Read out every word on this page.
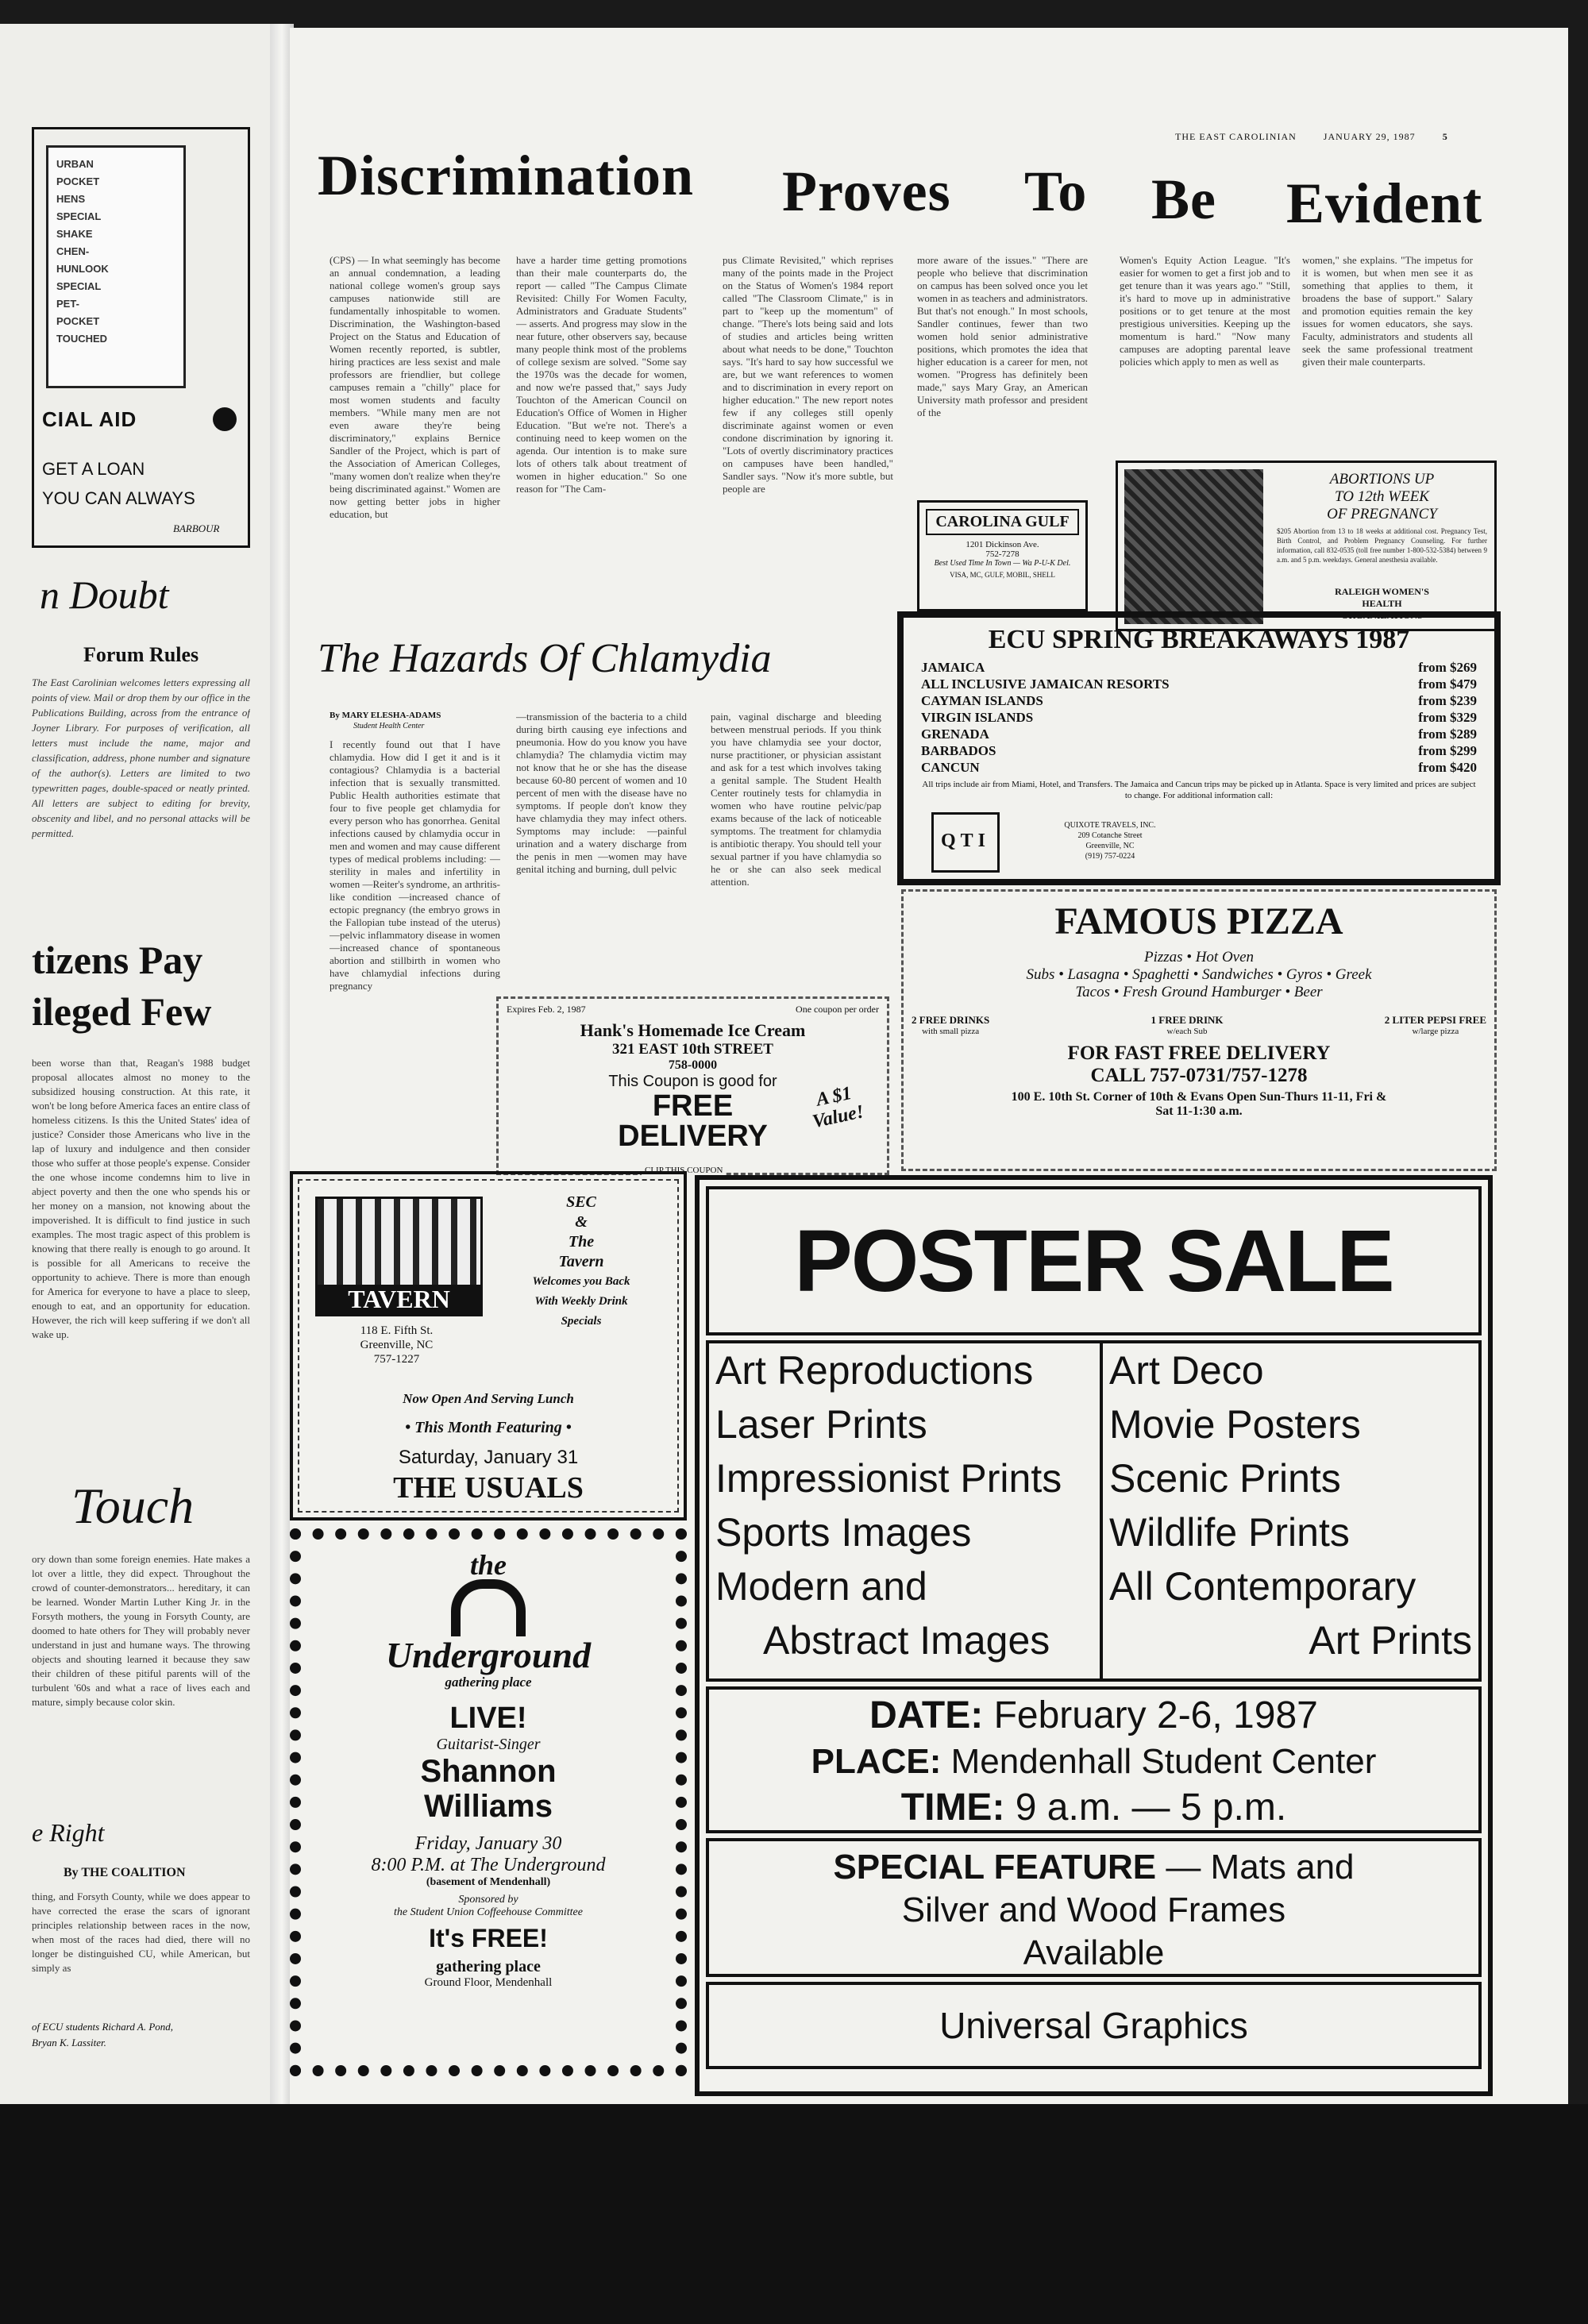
URBAN
POCKET
HENS
SPECIAL
SHAKE
CHEN-
HUNLOOK
SPECIAL
PET-
POCKET
TOUCHED
CIAL AID
GET A LOAN
YOU CAN ALWAYS
BARBOUR
n Doubt
Forum Rules
The East Carolinian welcomes letters expressing all points of view. Mail or drop them by our office in the Publications Building, across from the entrance of Joyner Library. For purposes of verification, all letters must include the name, major and classification, address, phone number and signature of the author(s). Letters are limited to two typewritten pages, double-spaced or neatly printed. All letters are subject to editing for brevity, obscenity and libel, and no personal attacks will be permitted.
tizens Pay
ileged Few
been worse than that, Reagan's 1988 budget proposal allocates almost no money to the subsidized housing construction. At this rate, it won't be long before America faces an entire class of homeless citizens. Is this the United States' idea of justice? Consider those Americans who live in the lap of luxury and indulgence and then consider those who suffer at those people's expense. Consider the one whose income condemns him to live in abject poverty and then the one who spends his or her money on a mansion, not knowing about the impoverished. It is difficult to find justice in such examples. The most tragic aspect of this problem is knowing that there really is enough to go around. It is possible for all Americans to receive the opportunity to achieve. There is more than enough for America for everyone to have a place to sleep, enough to eat, and an opportunity for education. However, the rich will keep suffering if we don't all wake up.
Touch
ory down than some foreign enemies. Hate makes a lot over a little, they did expect. Throughout the crowd of counter-demonstrators... hereditary, it can be learned. Wonder Martin Luther King Jr. in the Forsyth mothers, the young in Forsyth County, are doomed to hate others for They will probably never understand in just and humane ways. The throwing objects and shouting learned it because they saw their children of these pitiful parents will of the turbulent '60s and what a race of lives each and mature, simply because color skin.
e Right
By THE COALITION
thing, and Forsyth County, while we does appear to have corrected the erase the scars of ignorant principles relationship between races in the now, when most of the races had died, there will no longer be distinguished CU, while American, but simply as
of ECU students Richard A. Pond,
Bryan K. Lassiter.
THE EAST CAROLINIAN	JANUARY 29, 1987	5
Discrimination Proves To Be Evident
(CPS) — In what seemingly has become an annual condemnation, a leading national college women's group says campuses nationwide still are fundamentally inhospitable to women. Discrimination, the Washington-based Project on the Status and Education of Women recently reported, is subtler, hiring practices are less sexist and male professors are friendlier, but college campuses remain a "chilly" place for most women students and faculty members. "While many men are not even aware they're being discriminatory," explains Bernice Sandler of the Project, which is part of the Association of American Colleges, "many women don't realize when they're being discriminated against." Women are now getting better jobs in higher education, but
have a harder time getting promotions than their male counterparts do, the report — called "The Campus Climate Revisited: Chilly For Women Faculty, Administrators and Graduate Students" — asserts. And progress may slow in the near future, other observers say, because many people think most of the problems of college sexism are solved. "Some say the 1970s was the decade for women, and now we're passed that," says Judy Touchton of the American Council on Education's Office of Women in Higher Education. "But we're not. There's a continuing need to keep women on the agenda. Our intention is to make sure lots of others talk about treatment of women in higher education." So one reason for "The Cam-
pus Climate Revisited," which reprises many of the points made in the Project on the Status of Women's 1984 report called "The Classroom Climate," is in part to "keep up the momentum" of change. "There's lots being said and lots of studies and articles being written about what needs to be done," Touchton says. "It's hard to say how successful we are, but we want references to women and to discrimination in every report on higher education." The new report notes few if any colleges still openly discriminate against women or even condone discrimination by ignoring it. "Lots of overtly discriminatory practices on campuses have been handled," Sandler says. "Now it's more subtle, but people are
more aware of the issues." "There are people who believe that discrimination on campus has been solved once you let women in as teachers and administrators. But that's not enough." In most schools, Sandler continues, fewer than two women hold senior administrative positions, which promotes the idea that higher education is a career for men, not women. "Progress has definitely been made," says Mary Gray, an American University math professor and president of the
Women's Equity Action League. "It's easier for women to get a first job and to get tenure than it was years ago." "Still, it's hard to move up in administrative positions or to get tenure at the most prestigious universities. Keeping up the momentum is hard." "Now many campuses are adopting parental leave policies which apply to men as well as
women," she explains. "The impetus for it is women, but when men see it as something that applies to them, it broadens the base of support." Salary and promotion equities remain the key issues for women educators, she says. Faculty, administrators and students all seek the same professional treatment given their male counterparts.
CAROLINA GULF
1201 Dickinson Ave.
752-7278
Best Used Time In Town — Wa P-U-K Del.
VISA, MC, GULF, MOBIL, SHELL
ABORTIONS UP
TO 12th WEEK
OF PREGNANCY
$205 Abortion from 13 to 18 weeks at additional cost. Pregnancy Test, Birth Control, and Problem Pregnancy Counseling. For further information, call 832-0535 (toll free number 1-800-532-5384) between 9 a.m. and 5 p.m. weekdays. General anesthesia available.
RALEIGH WOMEN'S
HEALTH
ORGANIZATIONS
The Hazards Of Chlamydia
By MARY ELESHA-ADAMS
Student Health Center
I recently found out that I have chlamydia. How did I get it and is it contagious? Chlamydia is a bacterial infection that is sexually transmitted. Public Health authorities estimate that four to five people get chlamydia for every person who has gonorrhea. Genital infections caused by chlamydia occur in men and women and may cause different types of medical problems including: —sterility in males and infertility in women —Reiter's syndrome, an arthritis-like condition —increased chance of ectopic pregnancy (the embryo grows in the Fallopian tube instead of the uterus) —pelvic inflammatory disease in women —increased chance of spontaneous abortion and stillbirth in women who have chlamydial infections during pregnancy
—transmission of the bacteria to a child during birth causing eye infections and pneumonia. How do you know you have chlamydia? The chlamydia victim may not know that he or she has the disease because 60-80 percent of women and 10 percent of men with the disease have no symptoms. If people don't know they have chlamydia they may infect others. Symptoms may include: —painful urination and a watery discharge from the penis in men —women may have genital itching and burning, dull pelvic
pain, vaginal discharge and bleeding between menstrual periods. If you think you have chlamydia see your doctor, nurse practitioner, or physician assistant and ask for a test which involves taking a genital sample. The Student Health Center routinely tests for chlamydia in women who have routine pelvic/pap exams because of the lack of noticeable symptoms. The treatment for chlamydia is antibiotic therapy. You should tell your sexual partner if you have chlamydia so he or she can also seek medical attention.
ECU SPRING BREAKAWAYS 1987
JAMAICA	from $269
ALL INCLUSIVE JAMAICAN RESORTS	from $479
CAYMAN ISLANDS	from $239
VIRGIN ISLANDS	from $329
GRENADA	from $289
BARBADOS	from $299
CANCUN	from $420
All trips include air from Miami, Hotel, and Transfers. The Jamaica and Cancun trips may be picked up in Atlanta. Space is very limited and prices are subject to change. For additional information call:
QTI
QUIXOTE TRAVELS, INC.
209 Cotanche Street
Greenville, NC
(919) 757-0224
FAMOUS PIZZA
Pizzas • Hot Oven
Subs • Lasagna • Spaghetti • Sandwiches • Gyros • Greek
Tacos • Fresh Ground Hamburger • Beer
2 FREE DRINKS
with small pizza
1 FREE DRINK
w/each Sub
2 LITER PEPSI FREE
w/large pizza
FOR FAST FREE DELIVERY
CALL 757-0731/757-1278
100 E. 10th St. Corner of 10th & Evans Open Sun-Thurs 11-11, Fri &
Sat 11-1:30 a.m.
Expires Feb. 2, 1987	One coupon per order
Hank's Homemade Ice Cream
321 EAST 10th STREET
758-0000
This Coupon is good for
FREE
DELIVERY
A $1 Value!
CLIP THIS COUPON
TAVERN
118 E. Fifth St.
Greenville, NC
757-1227
SEC
&
The
Tavern
Welcomes you Back
With Weekly Drink
Specials
Now Open And Serving Lunch
• This Month Featuring •
Saturday, January 31
THE USUALS
the
Underground
gathering place
LIVE!
Guitarist-Singer
Shannon
Williams
Friday, January 30
8:00 P.M. at The Underground
(basement of Mendenhall)
Sponsored by
the Student Union Coffeehouse Committee
It's FREE!
gathering place
Ground Floor, Mendenhall
POSTER SALE
Art Reproductions
Laser Prints
Impressionist Prints
Sports Images
Modern and
Abstract Images
Art Deco
Movie Posters
Scenic Prints
Wildlife Prints
All Contemporary
Art Prints
DATE: February 2-6, 1987
PLACE: Mendenhall Student Center
TIME: 9 a.m. — 5 p.m.
SPECIAL FEATURE — Mats and
Silver and Wood Frames
Available
Universal Graphics
